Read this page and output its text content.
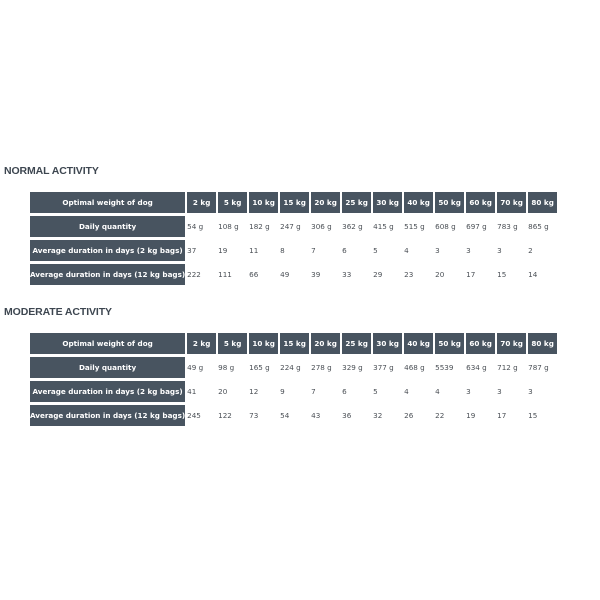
NORMAL ACTIVITY
Optimal weight of dog	2 kg	5 kg	10 kg	15 kg	20 kg	25 kg	30 kg	40 kg	50 kg	60 kg	70 kg	80 kg
Daily quantity	54 g	108 g	182 g	247 g	306 g	362 g	415 g	515 g	608 g	697 g	783 g	865 g
Average duration in days (2 kg bags)	37	19	11	8	7	6	5	4	3	3	3	2
Average duration in days (12 kg bags)	222	111	66	49	39	33	29	23	20	17	15	14
MODERATE ACTIVITY
Optimal weight of dog	2 kg	5 kg	10 kg	15 kg	20 kg	25 kg	30 kg	40 kg	50 kg	60 kg	70 kg	80 kg
Daily quantity	49 g	98 g	165 g	224 g	278 g	329 g	377 g	468 g	5539	634 g	712 g	787 g
Average duration in days (2 kg bags)	41	20	12	9	7	6	5	4	4	3	3	3
Average duration in days (12 kg bags)	245	122	73	54	43	36	32	26	22	19	17	15
